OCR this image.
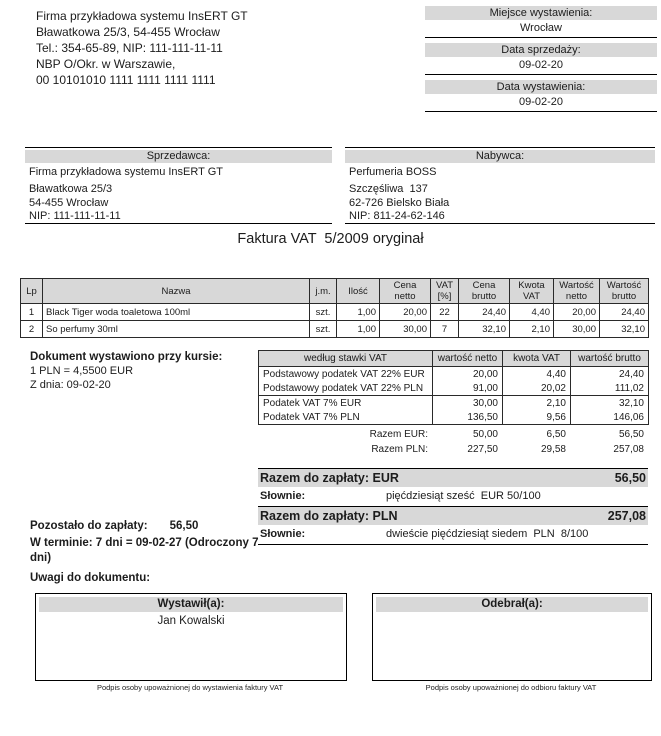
Firma przykładowa systemu InsERT GT
Bławatkowa 25/3, 54-455 Wrocław
Tel.: 354-65-89, NIP: 111-111-11-11
NBP O/Okr. w Warszawie,
00 10101010 1111 1111 1111 1111
Miejsce wystawienia:
Wrocław
Data sprzedaży:
09-02-20
Data wystawienia:
09-02-20
Sprzedawca:
Firma przykładowa systemu InsERT GT
Bławatkowa 25/3
54-455 Wrocław
NIP: 111-111-11-11
Nabywca:
Perfumeria BOSS
Szczęśliwa  137
62-726 Bielsko Biała
NIP: 811-24-62-146
Faktura VAT  5/2009 oryginał
Lp	Nazwa	j.m.	Ilość	Cena netto	VAT [%]	Cena brutto	Kwota VAT	Wartość netto	Wartość brutto
1	Black Tiger woda toaletowa 100ml	szt.	1,00	20,00	22	24,40	4,40	20,00	24,40
2	So perfumy 30ml	szt.	1,00	30,00	7	32,10	2,10	30,00	32,10
Dokument wystawiono przy kursie:
1 PLN = 4,5500 EUR
Z dnia: 09-02-20
według stawki VAT	wartość netto	kwota VAT	wartość brutto
Podstawowy podatek VAT 22% EUR	20,00	4,40	24,40
Podstawowy podatek VAT 22% PLN	91,00	20,02	111,02
Podatek VAT 7% EUR	30,00	2,10	32,10
Podatek VAT 7% PLN	136,50	9,56	146,06
Razem EUR:	50,00	6,50	56,50
Razem PLN:	227,50	29,58	257,08
Razem do zapłaty: EUR	56,50
Słownie:	pięćdziesiąt sześć  EUR 50/100
Razem do zapłaty: PLN	257,08
Słownie:	dwieście pięćdziesiąt siedem  PLN  8/100
Pozostało do zapłaty: 56,50
W terminie: 7 dni = 09-02-27 (Odroczony 7 dni)
Uwagi do dokumentu:
Wystawił(a):
Jan Kowalski
Odebrał(a):
Podpis osoby upoważnionej do wystawienia faktury VAT	Podpis osoby upoważnionej do odbioru faktury VAT
